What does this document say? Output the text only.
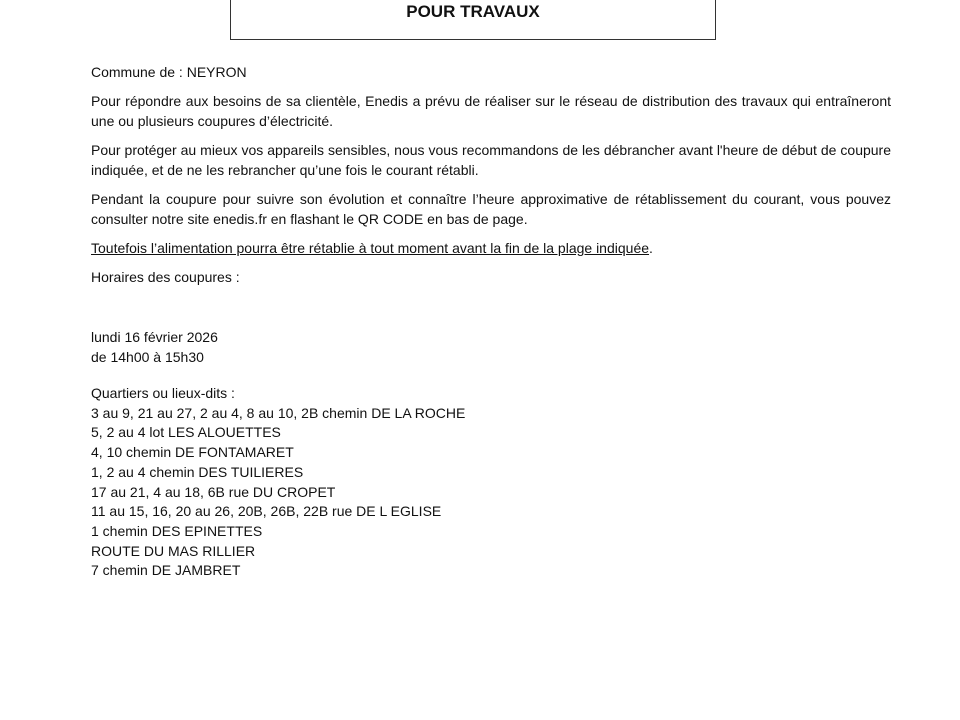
POUR TRAVAUX

Commune de : NEYRON

Pour répondre aux besoins de sa clientèle, Enedis a prévu de réaliser sur le réseau de distribution des travaux qui entraîneront une ou plusieurs coupures d’électricité.

Pour protéger au mieux vos appareils sensibles, nous vous recommandons de les débrancher avant l'heure de début de coupure indiquée, et de ne les rebrancher qu’une fois le courant rétabli.

Pendant la coupure pour suivre son évolution et connaître l’heure approximative de rétablissement du courant, vous pouvez consulter notre site enedis.fr en flashant le QR CODE en bas de page.

Toutefois l’alimentation pourra être rétablie à tout moment avant la fin de la plage indiquée.

Horaires des coupures :

lundi 16 février 2026
de 14h00 à 15h30
Quartiers ou lieux-dits :
3 au 9, 21 au 27, 2 au 4, 8 au 10, 2B chemin DE LA ROCHE
5, 2 au 4 lot LES ALOUETTES
4, 10 chemin DE FONTAMARET
1, 2 au 4 chemin DES TUILIERES
17 au 21, 4 au 18, 6B rue DU CROPET
11 au 15, 16, 20 au 26, 20B, 26B, 22B rue DE L EGLISE
1 chemin DES EPINETTES
ROUTE DU MAS RILLIER
7 chemin DE JAMBRET
